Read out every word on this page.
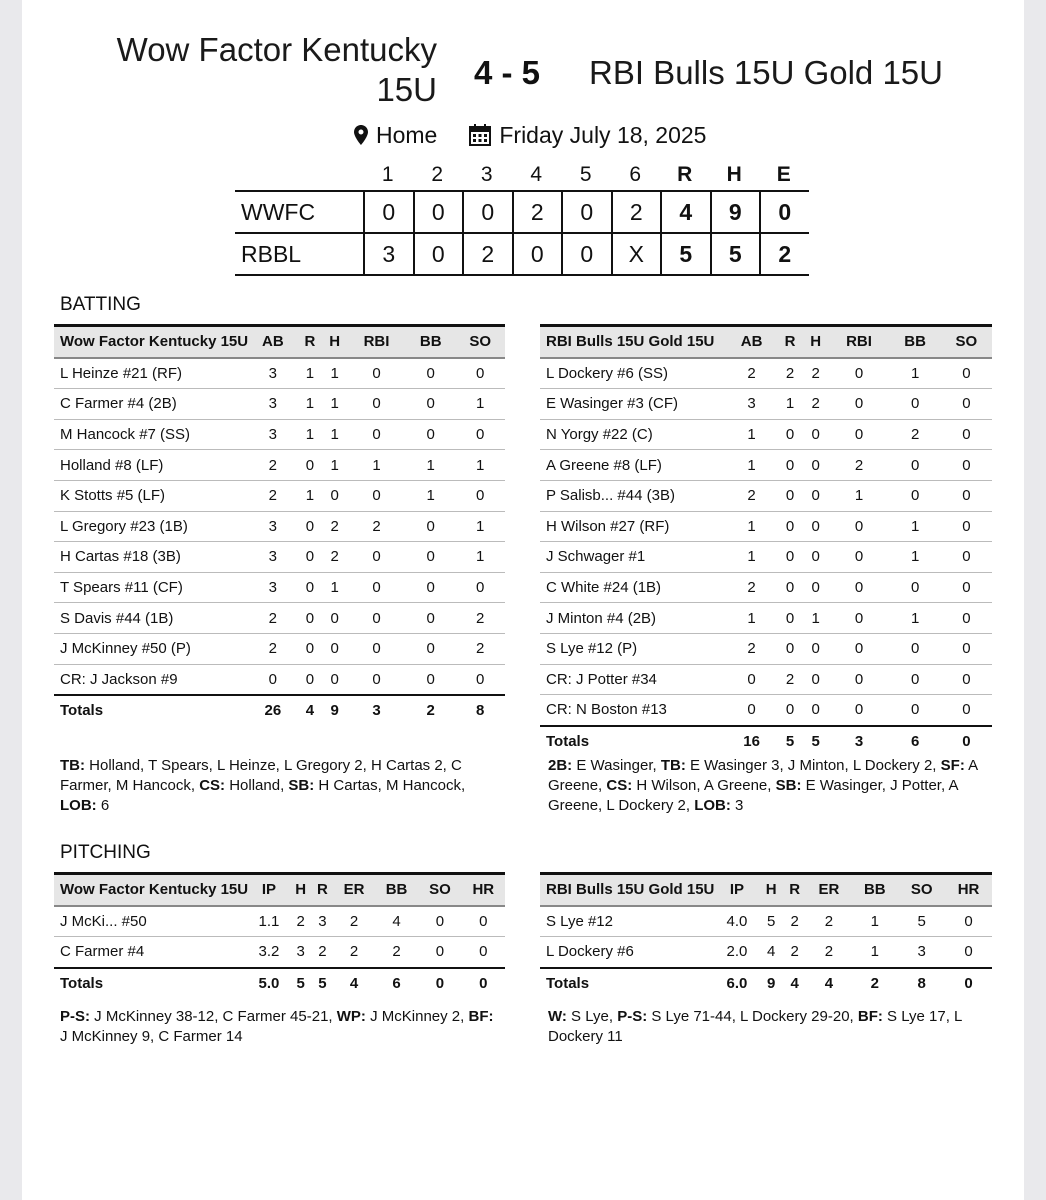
Wow Factor Kentucky 15U 4 - 5 RBI Bulls 15U Gold 15U
Home	Friday July 18, 2025
1	2	3	4	5	6	R	H	E
WWFC	0	0	0	2	0	2	4	9	0
RBBL	3	0	2	0	0	X	5	5	2
BATTING
Wow Factor Kentucky 15U	AB	R	H	RBI	BB	SO
L Heinze #21 (RF)	3	1	1	0	0	0
C Farmer #4 (2B)	3	1	1	0	0	1
M Hancock #7 (SS)	3	1	1	0	0	0
Holland #8 (LF)	2	0	1	1	1	1
K Stotts #5 (LF)	2	1	0	0	1	0
L Gregory #23 (1B)	3	0	2	2	0	1
H Cartas #18 (3B)	3	0	2	0	0	1
T Spears #11 (CF)	3	0	1	0	0	0
S Davis #44 (1B)	2	0	0	0	0	2
J McKinney #50 (P)	2	0	0	0	0	2
CR: J Jackson #9	0	0	0	0	0	0
Totals	26	4	9	3	2	8
RBI Bulls 15U Gold 15U	AB	R	H	RBI	BB	SO
L Dockery #6 (SS)	2	2	2	0	1	0
E Wasinger #3 (CF)	3	1	2	0	0	0
N Yorgy #22 (C)	1	0	0	0	2	0
A Greene #8 (LF)	1	0	0	2	0	0
P Salisb... #44 (3B)	2	0	0	1	0	0
H Wilson #27 (RF)	1	0	0	0	1	0
J Schwager #1	1	0	0	0	1	0
C White #24 (1B)	2	0	0	0	0	0
J Minton #4 (2B)	1	0	1	0	1	0
S Lye #12 (P)	2	0	0	0	0	0
CR: J Potter #34	0	2	0	0	0	0
CR: N Boston #13	0	0	0	0	0	0
Totals	16	5	5	3	6	0
TB: Holland, T Spears, L Heinze, L Gregory 2, H Cartas 2, C Farmer, M Hancock, CS: Holland, SB: H Cartas, M Hancock, LOB: 6
2B: E Wasinger, TB: E Wasinger 3, J Minton, L Dockery 2, SF: A Greene, CS: H Wilson, A Greene, SB: E Wasinger, J Potter, A Greene, L Dockery 2, LOB: 3
PITCHING
Wow Factor Kentucky 15U	IP	H	R	ER	BB	SO	HR
J McKi... #50	1.1	2	3	2	4	0	0
C Farmer #4	3.2	3	2	2	2	0	0
Totals	5.0	5	5	4	6	0	0
RBI Bulls 15U Gold 15U	IP	H	R	ER	BB	SO	HR
S Lye #12	4.0	5	2	2	1	5	0
L Dockery #6	2.0	4	2	2	1	3	0
Totals	6.0	9	4	4	2	8	0
P-S: J McKinney 38-12, C Farmer 45-21, WP: J McKinney 2, BF: J McKinney 9, C Farmer 14
W: S Lye, P-S: S Lye 71-44, L Dockery 29-20, BF: S Lye 17, L Dockery 11
